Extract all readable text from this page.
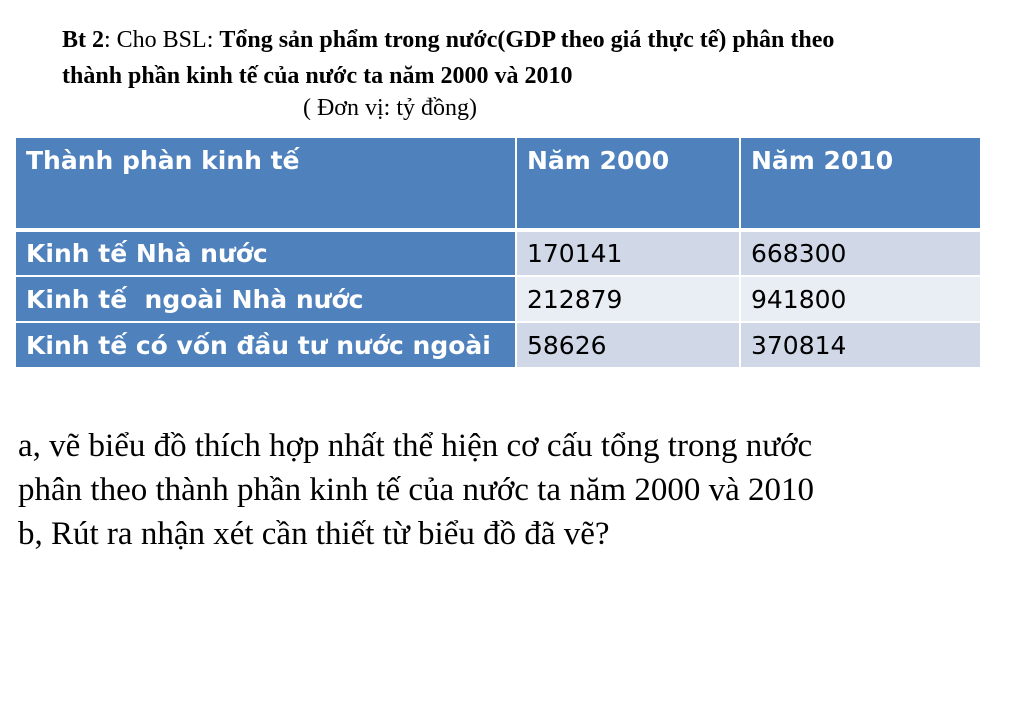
Bt 2: Cho BSL: Tổng sản phẩm trong nước(GDP theo giá thực tế) phân theo
thành phần kinh tế của nước ta năm 2000 và 2010
( Đơn vị: tỷ đồng)
Thành phàn kinh tế	Năm 2000	Năm 2010
Kinh tế Nhà nước	170141	668300
Kinh tế  ngoài Nhà nước	212879	941800
Kinh tế có vốn đầu tư nước ngoài	58626	370814

a, vẽ biểu đồ thích hợp nhất thể hiện cơ cấu tổng trong nước

phân theo thành phần kinh tế của nước ta năm 2000 và 2010

b, Rút ra nhận xét cần thiết từ biểu đồ đã vẽ?
